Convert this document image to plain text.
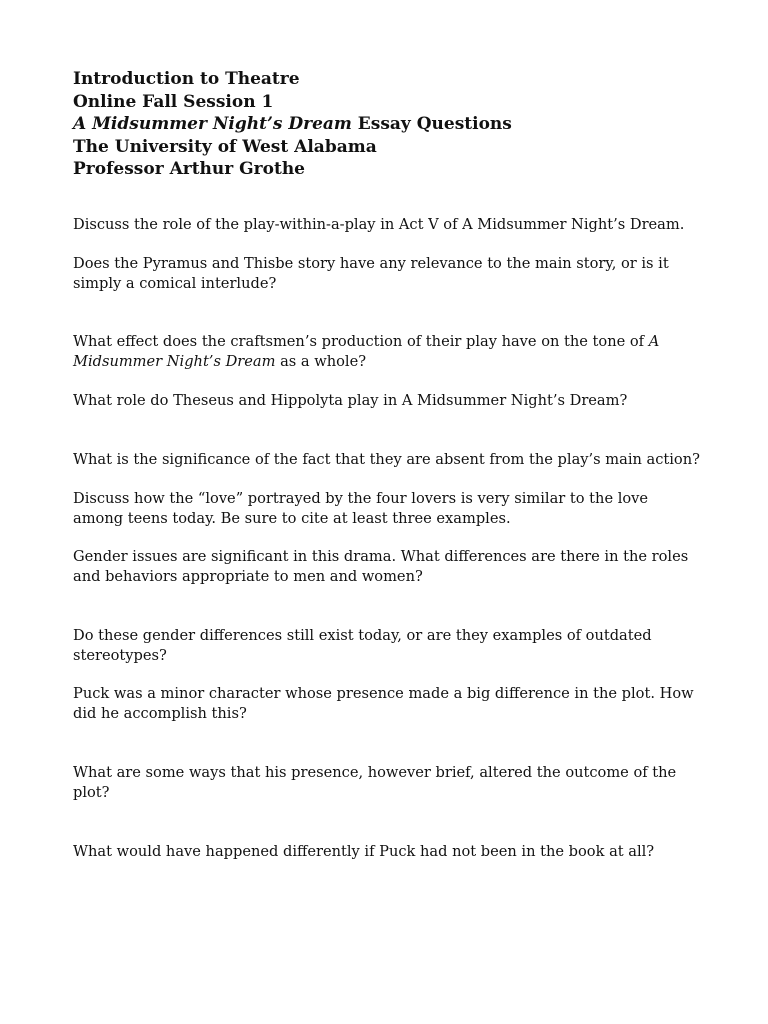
Introduction to Theatre
Online Fall Session 1
A Midsummer Night’s Dream Essay Questions
The University of West Alabama
Professor Arthur Grothe

Discuss the role of the play-within-a-play in Act V of A Midsummer Night’s Dream.

Does the Pyramus and Thisbe story have any relevance to the main story, or is it simply a comical interlude?

What effect does the craftsmen’s production of their play have on the tone of A Midsummer Night’s Dream as a whole?

What role do Theseus and Hippolyta play in A Midsummer Night’s Dream?

What is the significance of the fact that they are absent from the play’s main action?

Discuss how the “love” portrayed by the four lovers is very similar to the love among teens today. Be sure to cite at least three examples.

Gender issues are significant in this drama. What differences are there in the roles and behaviors appropriate to men and women?

Do these gender differences still exist today, or are they examples of outdated stereotypes?

Puck was a minor character whose presence made a big difference in the plot. How did he accomplish this?

What are some ways that his presence, however brief, altered the outcome of the plot?

What would have happened differently if Puck had not been in the book at all?
